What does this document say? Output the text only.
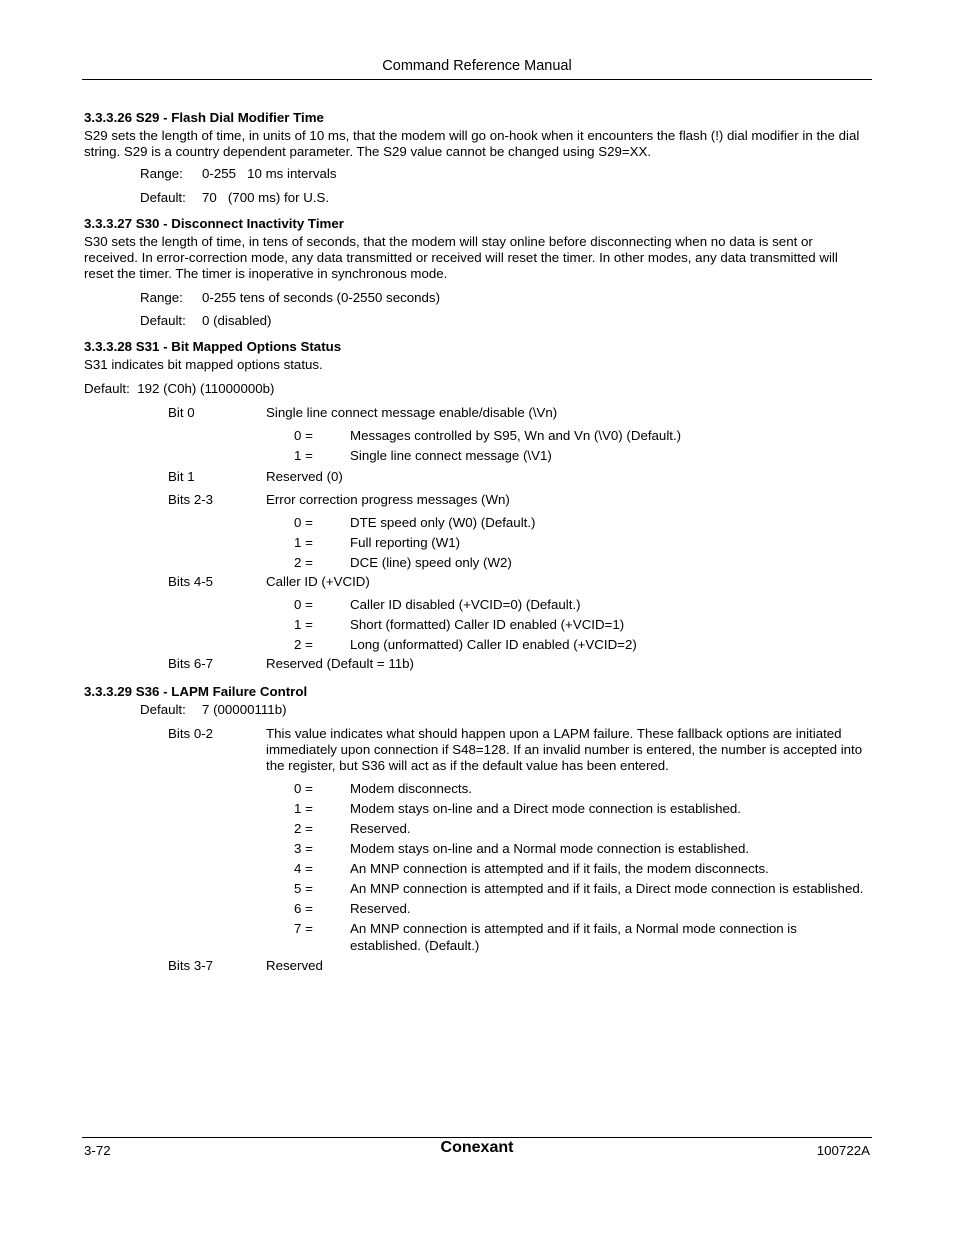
Command Reference Manual
3.3.3.26 S29 - Flash Dial Modifier Time

S29 sets the length of time, in units of 10 ms, that the modem will go on-hook when it encounters the flash (!) dial modifier in the dial string. S29 is a country dependent parameter. The S29 value cannot be changed using S29=XX.

Range: 0-255   10 ms intervals
Default: 70   (700 ms) for U.S.
3.3.3.27 S30 - Disconnect Inactivity Timer

S30 sets the length of time, in tens of seconds, that the modem will stay online before disconnecting when no data is sent or received. In error-correction mode, any data transmitted or received will reset the timer. In other modes, any data transmitted will reset the timer. The timer is inoperative in synchronous mode.

Range: 0-255 tens of seconds (0-2550 seconds)
Default: 0 (disabled)
3.3.3.28 S31 - Bit Mapped Options Status

S31 indicates bit mapped options status.

Default:  192 (C0h) (11000000b)
Bit 0	Single line connect message enable/disable (\Vn)
0 =	Messages controlled by S95, Wn and Vn (\V0) (Default.)
1 =	Single line connect message (\V1)
Bit 1	Reserved (0)
Bits 2-3	Error correction progress messages (Wn)
0 =	DTE speed only (W0) (Default.)
1 =	Full reporting (W1)
2 =	DCE (line) speed only (W2)
Bits 4-5	Caller ID (+VCID)
0 =	Caller ID disabled (+VCID=0) (Default.)
1 =	Short (formatted) Caller ID enabled (+VCID=1)
2 =	Long (unformatted) Caller ID enabled (+VCID=2)
Bits 6-7	Reserved (Default = 11b)
3.3.3.29 S36 - LAPM Failure Control
Default: 7 (00000111b)
Bits 0-2	This value indicates what should happen upon a LAPM failure. These fallback options are initiated immediately upon connection if S48=128. If an invalid number is entered, the number is accepted into the register, but S36 will act as if the default value has been entered.
0 =	Modem disconnects.
1 =	Modem stays on-line and a Direct mode connection is established.
2 =	Reserved.
3 =	Modem stays on-line and a Normal mode connection is established.
4 =	An MNP connection is attempted and if it fails, the modem disconnects.
5 =	An MNP connection is attempted and if it fails, a Direct mode connection is established.
6 =	Reserved.
7 =	An MNP connection is attempted and if it fails, a Normal mode connection is established. (Default.)
Bits 3-7	Reserved
3-72	Conexant	100722A
